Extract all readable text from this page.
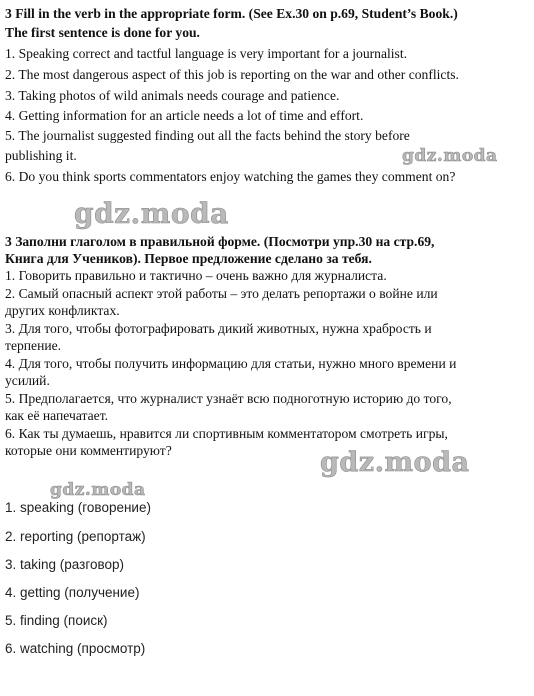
3 Fill in the verb in the appropriate form. (See Ex.30 on p.69, Student’s Book.)
The first sentence is done for you.
1. Speaking correct and tactful language is very important for a journalist.
2. The most dangerous aspect of this job is reporting on the war and other conflicts.
3. Taking photos of wild animals needs courage and patience.
4. Getting information for an article needs a lot of time and effort.
5. The journalist suggested finding out all the facts behind the story before
publishing it.
6. Do you think sports commentators enjoy watching the games they comment on?
3 Заполни глаголом в правильной форме. (Посмотри упр.30 на стр.69,
Книга для Учеников). Первое предложение сделано за тебя.
1. Говорить правильно и тактично – очень важно для журналиста.
2. Самый опасный аспект этой работы – это делать репортажи о войне или
других конфликтах.
3. Для того, чтобы фотографировать дикий животных, нужна храбрость и
терпение.
4. Для того, чтобы получить информацию для статьи, нужно много времени и
усилий.
5. Предполагается, что журналист узнаёт всю подноготную историю до того,
как её напечатает.
6. Как ты думаешь, нравится ли спортивным комментатором смотреть игры,
которые они комментируют?
1. speaking (говорение)
2. reporting (репортаж)
3. taking (разговор)
4. getting (получение)
5. finding (поиск)
6. watching (просмотр)
gdz.moda
gdz.moda
gdz.moda
gdz.moda
